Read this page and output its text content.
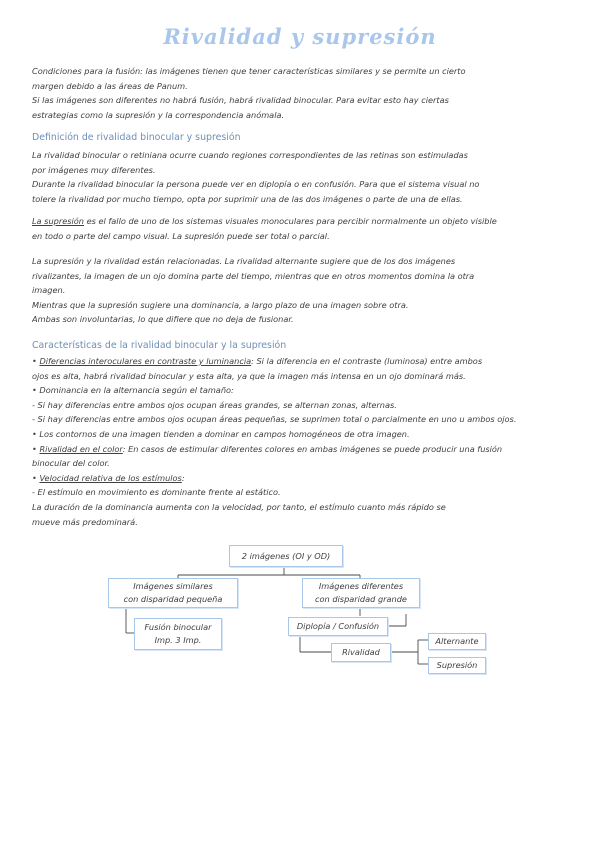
Rivalidad y supresión
Condiciones para la fusión: las imágenes tienen que tener características similares y se permite un cierto
margen debido a las áreas de Panum.
Si las imágenes son diferentes no habrá fusión, habrá rivalidad binocular. Para evitar esto hay ciertas
estrategias como la supresión y la correspondencia anómala.
Definición de rivalidad binocular y supresión
La rivalidad binocular o retiniana ocurre cuando regiones correspondientes de las retinas son estimuladas
por imágenes muy diferentes.
Durante la rivalidad binocular la persona puede ver en diplopía o en confusión. Para que el sistema visual no
tolere la rivalidad por mucho tiempo, opta por suprimir una de las dos imágenes o parte de una de ellas.
La supresión es el fallo de uno de los sistemas visuales monoculares para percibir normalmente un objeto visible
en todo o parte del campo visual. La supresión puede ser total o parcial.
La supresión y la rivalidad están relacionadas. La rivalidad alternante sugiere que de los dos imágenes
rivalizantes, la imagen de un ojo domina parte del tiempo, mientras que en otros momentos domina la otra
imagen.
Mientras que la supresión sugiere una dominancia, a largo plazo de una imagen sobre otra.
Ambas son involuntarias, lo que difiere que no deja de fusionar.
Características de la rivalidad binocular y la supresión
• Diferencias interoculares en contraste y luminancia: Si la diferencia en el contraste (luminosa) entre ambos
ojos es alta, habrá rivalidad binocular y esta alta, ya que la imagen más intensa en un ojo dominará más.
• Dominancia en la alternancia según el tamaño:
- Si hay diferencias entre ambos ojos ocupan áreas grandes, se alternan zonas, alternas.
- Si hay diferencias entre ambos ojos ocupan áreas pequeñas, se suprimen total o parcialmente en uno u ambos ojos.
• Los contornos de una imagen tienden a dominar en campos homogéneos de otra imagen.
• Rivalidad en el color: En casos de estimular diferentes colores en ambas imágenes se puede producir una fusión
binocular del color.
• Velocidad relativa de los estímulos:
- El estímulo en movimiento es dominante frente al estático.
La duración de la dominancia aumenta con la velocidad, por tanto, el estímulo cuanto más rápido se
mueve más predominará.
2 imágenes (OI y OD)
Imágenes similares
con disparidad pequeña
Imágenes diferentes
con disparidad grande
Fusión binocular
Imp. 3 Imp.
Diplopía / Confusión
Rivalidad
Alternante
Supresión
